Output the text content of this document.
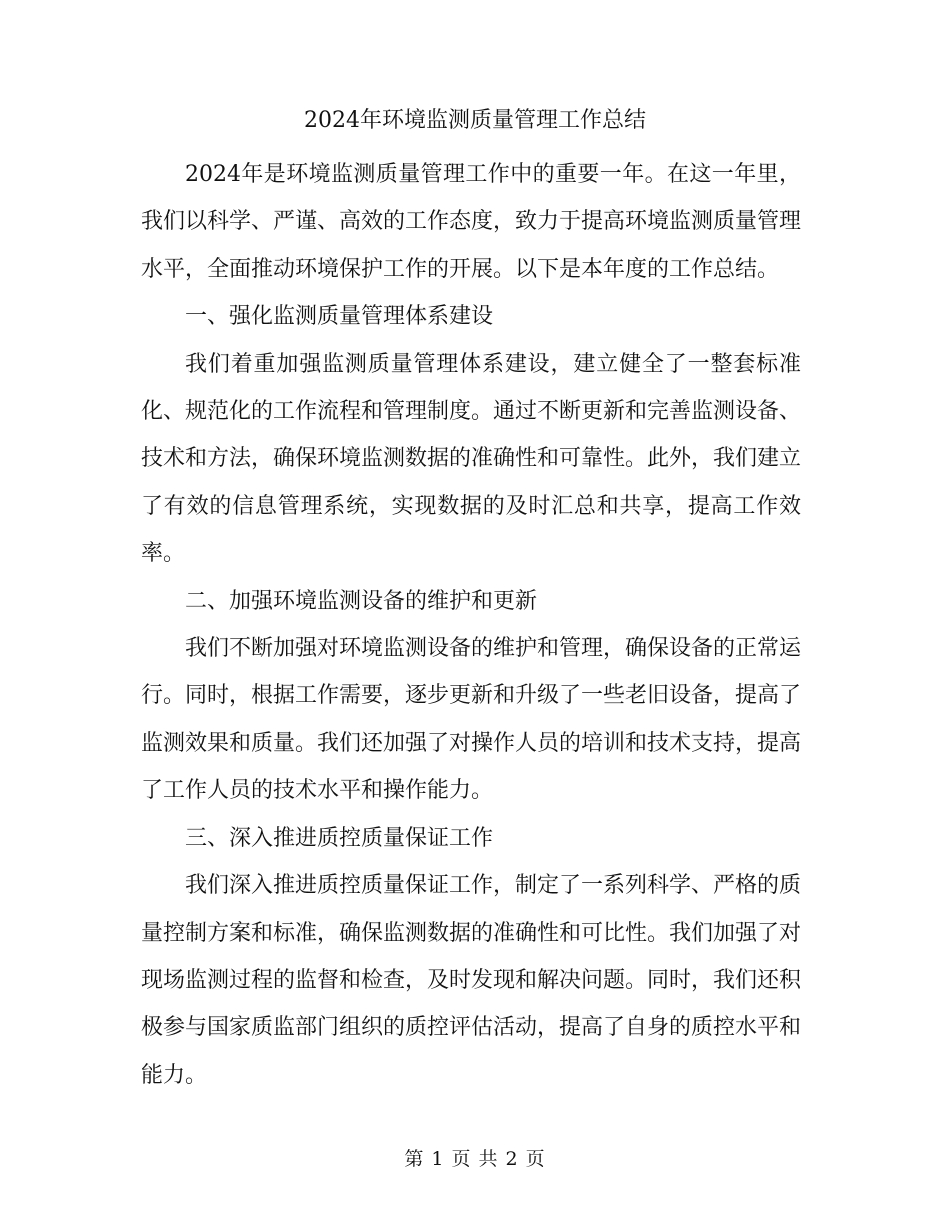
2024年环境监测质量管理工作总结

2024年是环境监测质量管理工作中的重要一年。在这一年里，我们以科学、严谨、高效的工作态度，致力于提高环境监测质量管理水平，全面推动环境保护工作的开展。以下是本年度的工作总结。

一、强化监测质量管理体系建设

我们着重加强监测质量管理体系建设，建立健全了一整套标准化、规范化的工作流程和管理制度。通过不断更新和完善监测设备、技术和方法，确保环境监测数据的准确性和可靠性。此外，我们建立了有效的信息管理系统，实现数据的及时汇总和共享，提高工作效率。

二、加强环境监测设备的维护和更新

我们不断加强对环境监测设备的维护和管理，确保设备的正常运行。同时，根据工作需要，逐步更新和升级了一些老旧设备，提高了监测效果和质量。我们还加强了对操作人员的培训和技术支持，提高了工作人员的技术水平和操作能力。

三、深入推进质控质量保证工作

我们深入推进质控质量保证工作，制定了一系列科学、严格的质量控制方案和标准，确保监测数据的准确性和可比性。我们加强了对现场监测过程的监督和检查，及时发现和解决问题。同时，我们还积极参与国家质监部门组织的质控评估活动，提高了自身的质控水平和能力。

第 1 页 共 2 页
